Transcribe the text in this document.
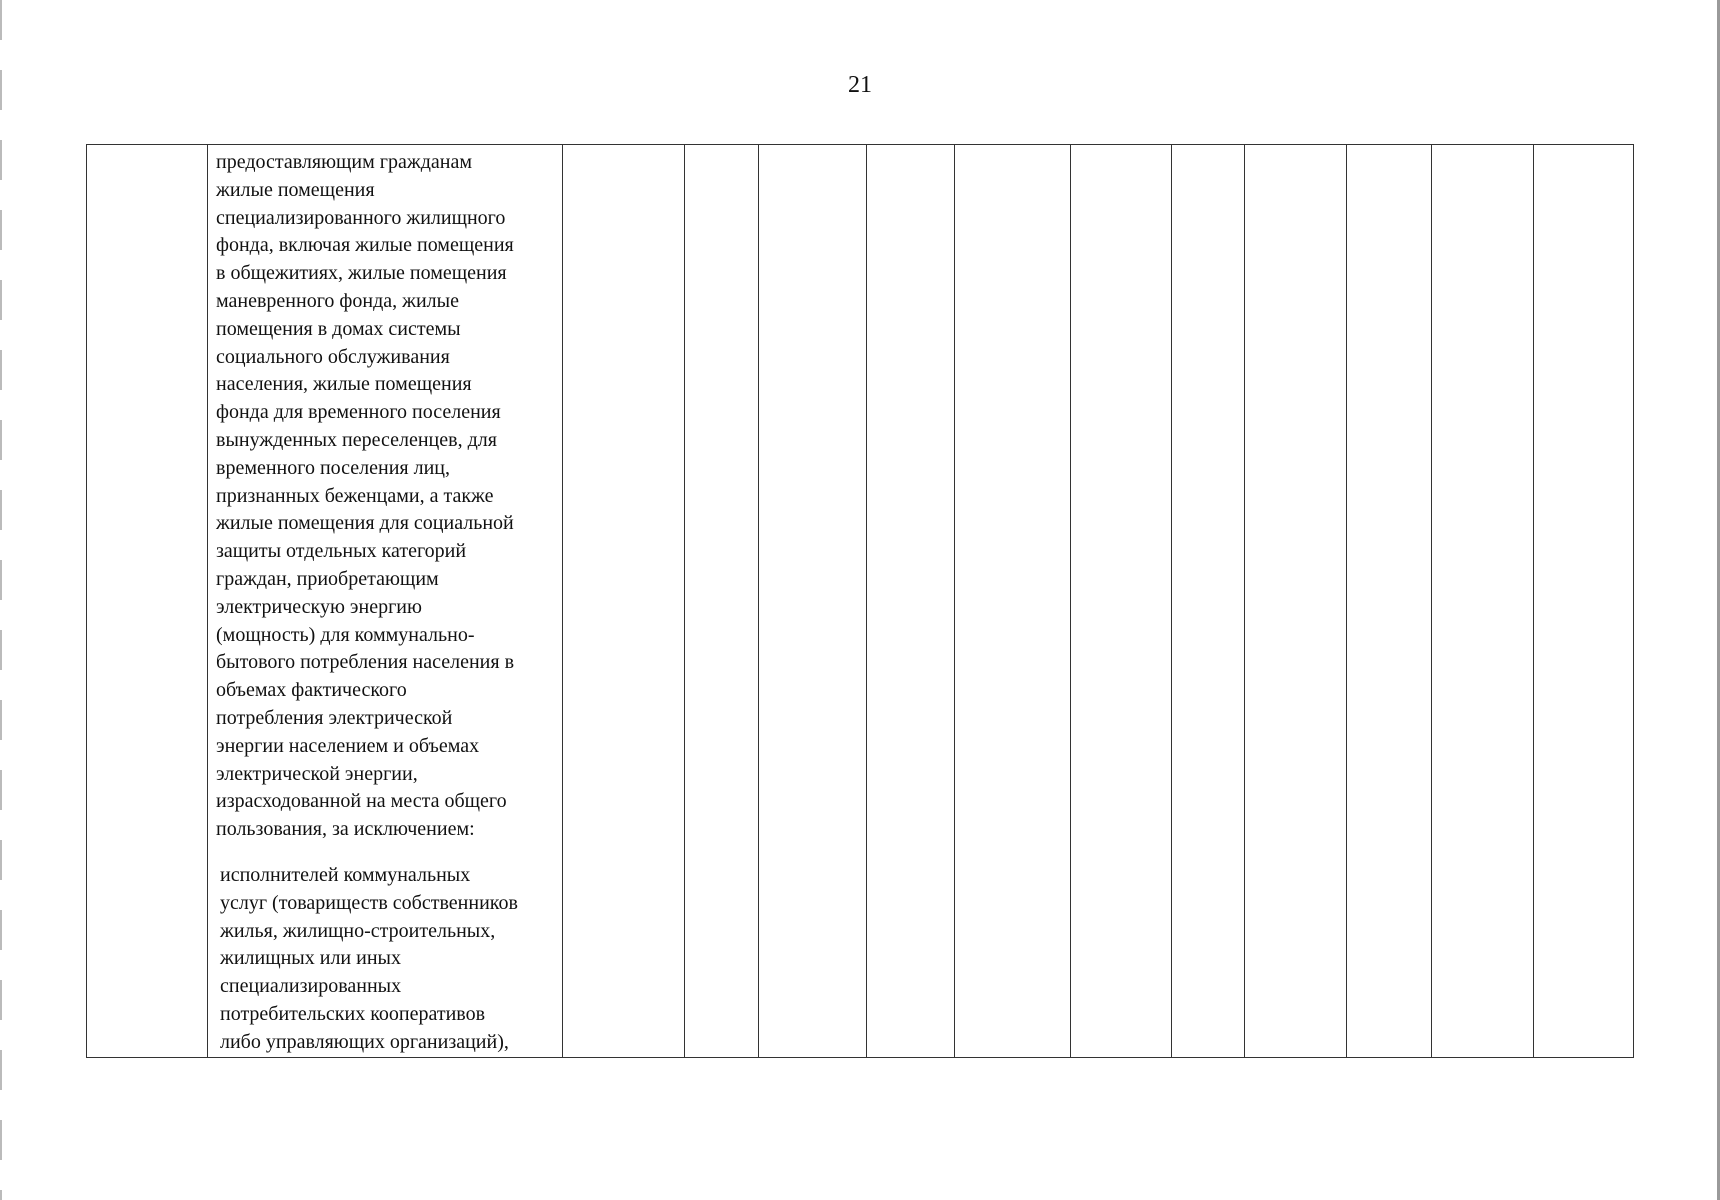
21

предоставляющим гражданам
жилые помещения
специализированного жилищного
фонда, включая жилые помещения
в общежитиях, жилые помещения
маневренного фонда, жилые
помещения в домах системы
социального обслуживания
населения, жилые помещения
фонда для временного поселения
вынужденных переселенцев, для
временного поселения лиц,
признанных беженцами, а также
жилые помещения для социальной
защиты отдельных категорий
граждан, приобретающим
электрическую энергию
(мощность) для коммунально-
бытового потребления населения в
объемах фактического
потребления электрической
энергии населением и объемах
электрической энергии,
израсходованной на места общего
пользования, за исключением:

исполнителей коммунальных
услуг (товариществ собственников
жилья, жилищно-строительных,
жилищных или иных
специализированных
потребительских кооперативов
либо управляющих организаций),
